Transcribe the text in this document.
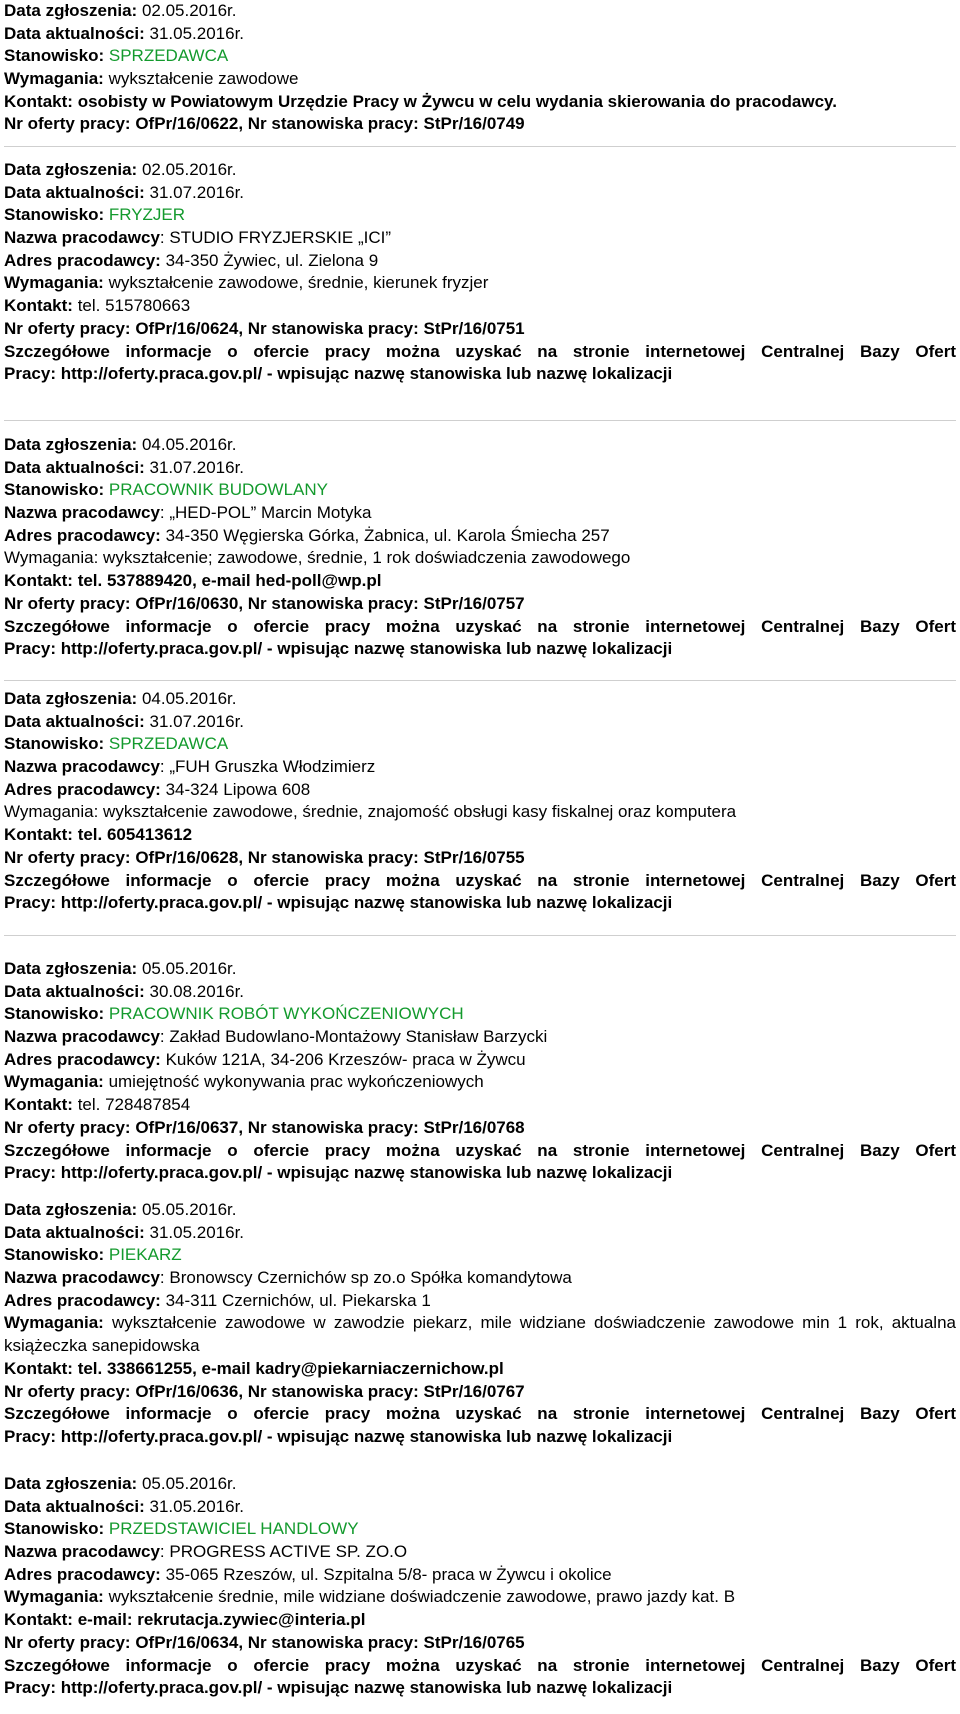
Data zgłoszenia: 02.05.2016r.
Data aktualności: 31.05.2016r.
Stanowisko: SPRZEDAWCA
Wymagania: wykształcenie zawodowe
Kontakt: osobisty w Powiatowym Urzędzie Pracy w Żywcu w celu wydania skierowania do pracodawcy.
Nr oferty pracy: OfPr/16/0622, Nr stanowiska pracy: StPr/16/0749
Data zgłoszenia: 02.05.2016r.
Data aktualności: 31.07.2016r.
Stanowisko: FRYZJER
Nazwa pracodawcy: STUDIO FRYZJERSKIE „ICI”
Adres pracodawcy: 34-350 Żywiec, ul. Zielona 9
Wymagania: wykształcenie zawodowe, średnie, kierunek fryzjer
Kontakt: tel. 515780663
Nr oferty pracy: OfPr/16/0624, Nr stanowiska pracy: StPr/16/0751
Szczegółowe informacje o ofercie pracy można uzyskać na stronie internetowej Centralnej Bazy Ofert
Pracy: http://oferty.praca.gov.pl/ - wpisując nazwę stanowiska lub nazwę lokalizacji
Data zgłoszenia: 04.05.2016r.
Data aktualności: 31.07.2016r.
Stanowisko: PRACOWNIK BUDOWLANY
Nazwa pracodawcy: „HED-POL” Marcin Motyka
Adres pracodawcy: 34-350 Węgierska Górka, Żabnica, ul. Karola Śmiecha 257
Wymagania: wykształcenie; zawodowe, średnie, 1 rok doświadczenia zawodowego
Kontakt: tel. 537889420, e-mail hed-poll@wp.pl
Nr oferty pracy: OfPr/16/0630, Nr stanowiska pracy: StPr/16/0757
Szczegółowe informacje o ofercie pracy można uzyskać na stronie internetowej Centralnej Bazy Ofert
Pracy: http://oferty.praca.gov.pl/ - wpisując nazwę stanowiska lub nazwę lokalizacji
Data zgłoszenia: 04.05.2016r.
Data aktualności: 31.07.2016r.
Stanowisko: SPRZEDAWCA
Nazwa pracodawcy: „FUH Gruszka Włodzimierz
Adres pracodawcy: 34-324 Lipowa 608
Wymagania: wykształcenie zawodowe, średnie, znajomość obsługi kasy fiskalnej oraz komputera
Kontakt: tel. 605413612
Nr oferty pracy: OfPr/16/0628, Nr stanowiska pracy: StPr/16/0755
Szczegółowe informacje o ofercie pracy można uzyskać na stronie internetowej Centralnej Bazy Ofert
Pracy: http://oferty.praca.gov.pl/ - wpisując nazwę stanowiska lub nazwę lokalizacji
Data zgłoszenia: 05.05.2016r.
Data aktualności: 30.08.2016r.
Stanowisko: PRACOWNIK ROBÓT WYKOŃCZENIOWYCH
Nazwa pracodawcy: Zakład Budowlano-Montażowy Stanisław Barzycki
Adres pracodawcy: Kuków 121A, 34-206 Krzeszów- praca w Żywcu
Wymagania: umiejętność wykonywania prac wykończeniowych
Kontakt: tel. 728487854
Nr oferty pracy: OfPr/16/0637, Nr stanowiska pracy: StPr/16/0768
Szczegółowe informacje o ofercie pracy można uzyskać na stronie internetowej Centralnej Bazy Ofert
Pracy: http://oferty.praca.gov.pl/ - wpisując nazwę stanowiska lub nazwę lokalizacji
Data zgłoszenia: 05.05.2016r.
Data aktualności: 31.05.2016r.
Stanowisko: PIEKARZ
Nazwa pracodawcy: Bronowscy Czernichów sp zo.o Spółka komandytowa
Adres pracodawcy: 34-311 Czernichów, ul. Piekarska 1
Wymagania: wykształcenie zawodowe w zawodzie piekarz, mile widziane doświadczenie zawodowe min 1 rok, aktualna książeczka sanepidowska
Kontakt: tel. 338661255, e-mail kadry@piekarniaczernichow.pl
Nr oferty pracy: OfPr/16/0636, Nr stanowiska pracy: StPr/16/0767
Szczegółowe informacje o ofercie pracy można uzyskać na stronie internetowej Centralnej Bazy Ofert
Pracy: http://oferty.praca.gov.pl/ - wpisując nazwę stanowiska lub nazwę lokalizacji
Data zgłoszenia: 05.05.2016r.
Data aktualności: 31.05.2016r.
Stanowisko: PRZEDSTAWICIEL HANDLOWY
Nazwa pracodawcy: PROGRESS ACTIVE SP. ZO.O
Adres pracodawcy: 35-065 Rzeszów, ul. Szpitalna 5/8- praca w Żywcu i okolice
Wymagania: wykształcenie średnie, mile widziane doświadczenie zawodowe, prawo jazdy kat. B
Kontakt: e-mail: rekrutacja.zywiec@interia.pl
Nr oferty pracy: OfPr/16/0634, Nr stanowiska pracy: StPr/16/0765
Szczegółowe informacje o ofercie pracy można uzyskać na stronie internetowej Centralnej Bazy Ofert
Pracy: http://oferty.praca.gov.pl/ - wpisując nazwę stanowiska lub nazwę lokalizacji
